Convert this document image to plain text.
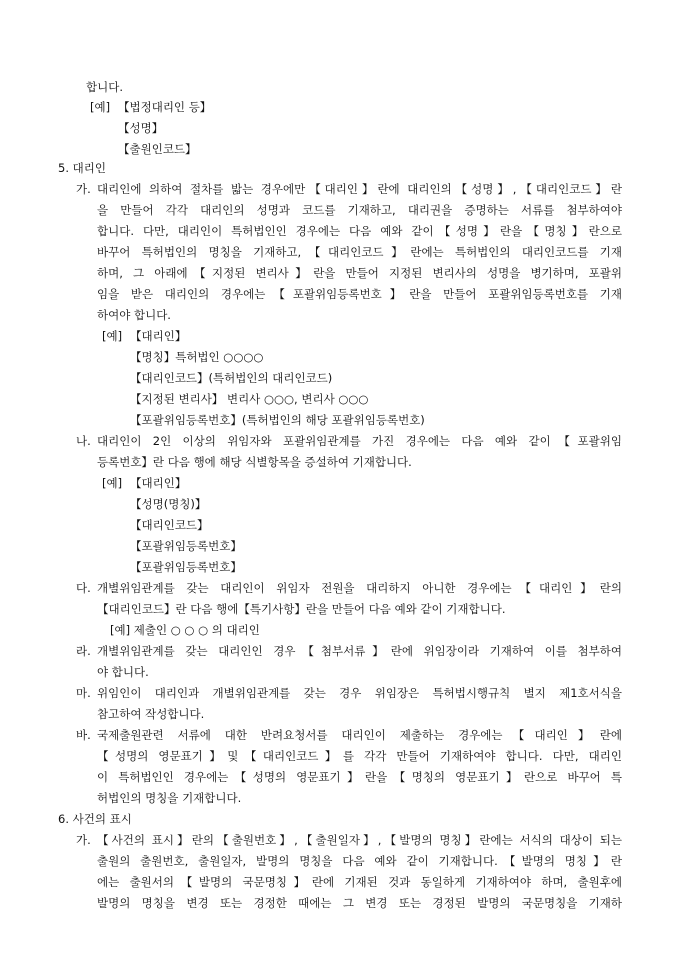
합니다.
[예] 【법정대리인 등】
【성명】
【출원인코드】
5. 대리인
가. 대리인에 의하여 절차를 밟는 경우에만【대리인】란에 대리인의【성명】,【대리인코드】란
을 만들어 각각 대리인의 성명과 코드를 기재하고, 대리권을 증명하는 서류를 첨부하여야
합니다. 다만, 대리인이 특허법인인 경우에는 다음 예와 같이【성명】란을【명칭】란으로
바꾸어 특허법인의 명칭을 기재하고,【대리인코드】란에는 특허법인의 대리인코드를 기재
하며, 그 아래에【지정된 변리사】란을 만들어 지정된 변리사의 성명을 병기하며, 포괄위
임을 받은 대리인의 경우에는【포괄위임등록번호】란을 만들어 포괄위임등록번호를 기재
하여야 합니다.
[예] 【대리인】
【명칭】특허법인 ○○○○
【대리인코드】(특허법인의 대리인코드)
【지정된 변리사】 변리사 ○○○, 변리사 ○○○
【포괄위임등록번호】(특허법인의 해당 포괄위임등록번호)
나. 대리인이 2인 이상의 위임자와 포괄위임관계를 가진 경우에는 다음 예와 같이【포괄위임
등록번호】란 다음 행에 해당 식별항목을 증설하여 기재합니다.
[예] 【대리인】
【성명(명칭)】
【대리인코드】
【포괄위임등록번호】
【포괄위임등록번호】
다. 개별위임관계를 갖는 대리인이 위임자 전원을 대리하지 아니한 경우에는【대리인】란의
【대리인코드】란 다음 행에【특기사항】란을 만들어 다음 예와 같이 기재합니다.
[예] 제출인 ○ ○ ○ 의 대리인
라. 개별위임관계를 갖는 대리인인 경우【첨부서류】란에 위임장이라 기재하여 이를 첨부하여
야 합니다.
마. 위임인이 대리인과 개별위임관계를 갖는 경우 위임장은 특허법시행규칙 별지 제1호서식을
참고하여 작성합니다.
바. 국제출원관련 서류에 대한 반려요청서를 대리인이 제출하는 경우에는【대리인】란에
【성명의 영문표기】및【대리인코드】를 각각 만들어 기재하여야 합니다. 다만, 대리인
이 특허법인인 경우에는【성명의 영문표기】란을【명칭의 영문표기】란으로 바꾸어 특
허법인의 명칭을 기재합니다.
6. 사건의 표시
가. 【사건의 표시】란의【출원번호】,【출원일자】,【발명의 명칭】란에는 서식의 대상이 되는
출원의 출원번호, 출원일자, 발명의 명칭을 다음 예와 같이 기재합니다.【발명의 명칭】란
에는 출원서의【발명의 국문명칭】란에 기재된 것과 동일하게 기재하여야 하며, 출원후에
발명의 명칭을 변경 또는 경정한 때에는 그 변경 또는 경정된 발명의 국문명칭을 기재하
